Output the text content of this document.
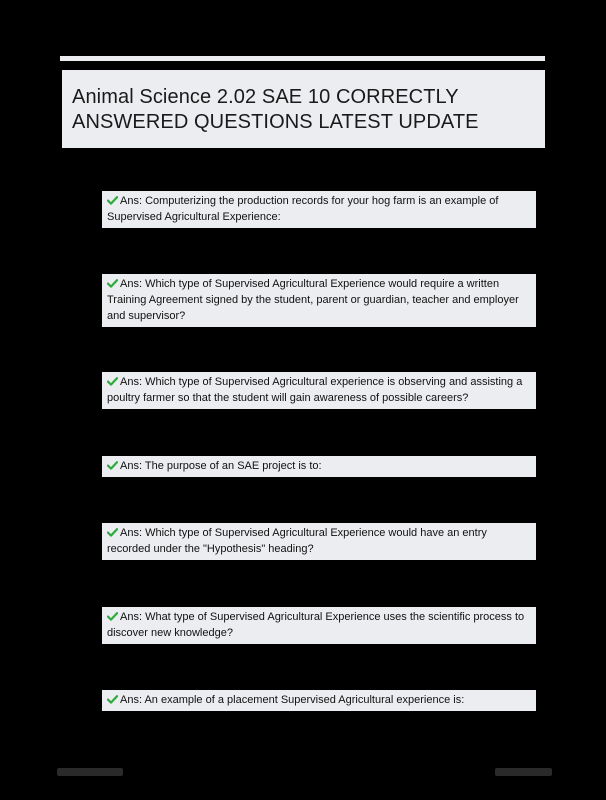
Animal Science 2.02 SAE 10 CORRECTLY ANSWERED QUESTIONS LATEST UPDATE
Ans: Computerizing the production records for your hog farm is an example of Supervised Agricultural Experience:
Ans: Which type of Supervised Agricultural Experience would require a written Training Agreement signed by the student, parent or guardian, teacher and employer and supervisor?
Ans: Which type of Supervised Agricultural experience is observing and assisting a poultry farmer so that the student will gain awareness of possible careers?
Ans: The purpose of an SAE project is to:
Ans: Which type of Supervised Agricultural Experience would have an entry recorded under the "Hypothesis" heading?
Ans: What type of Supervised Agricultural Experience uses the scientific process to discover new knowledge?
Ans: An example of a placement Supervised Agricultural experience is:
